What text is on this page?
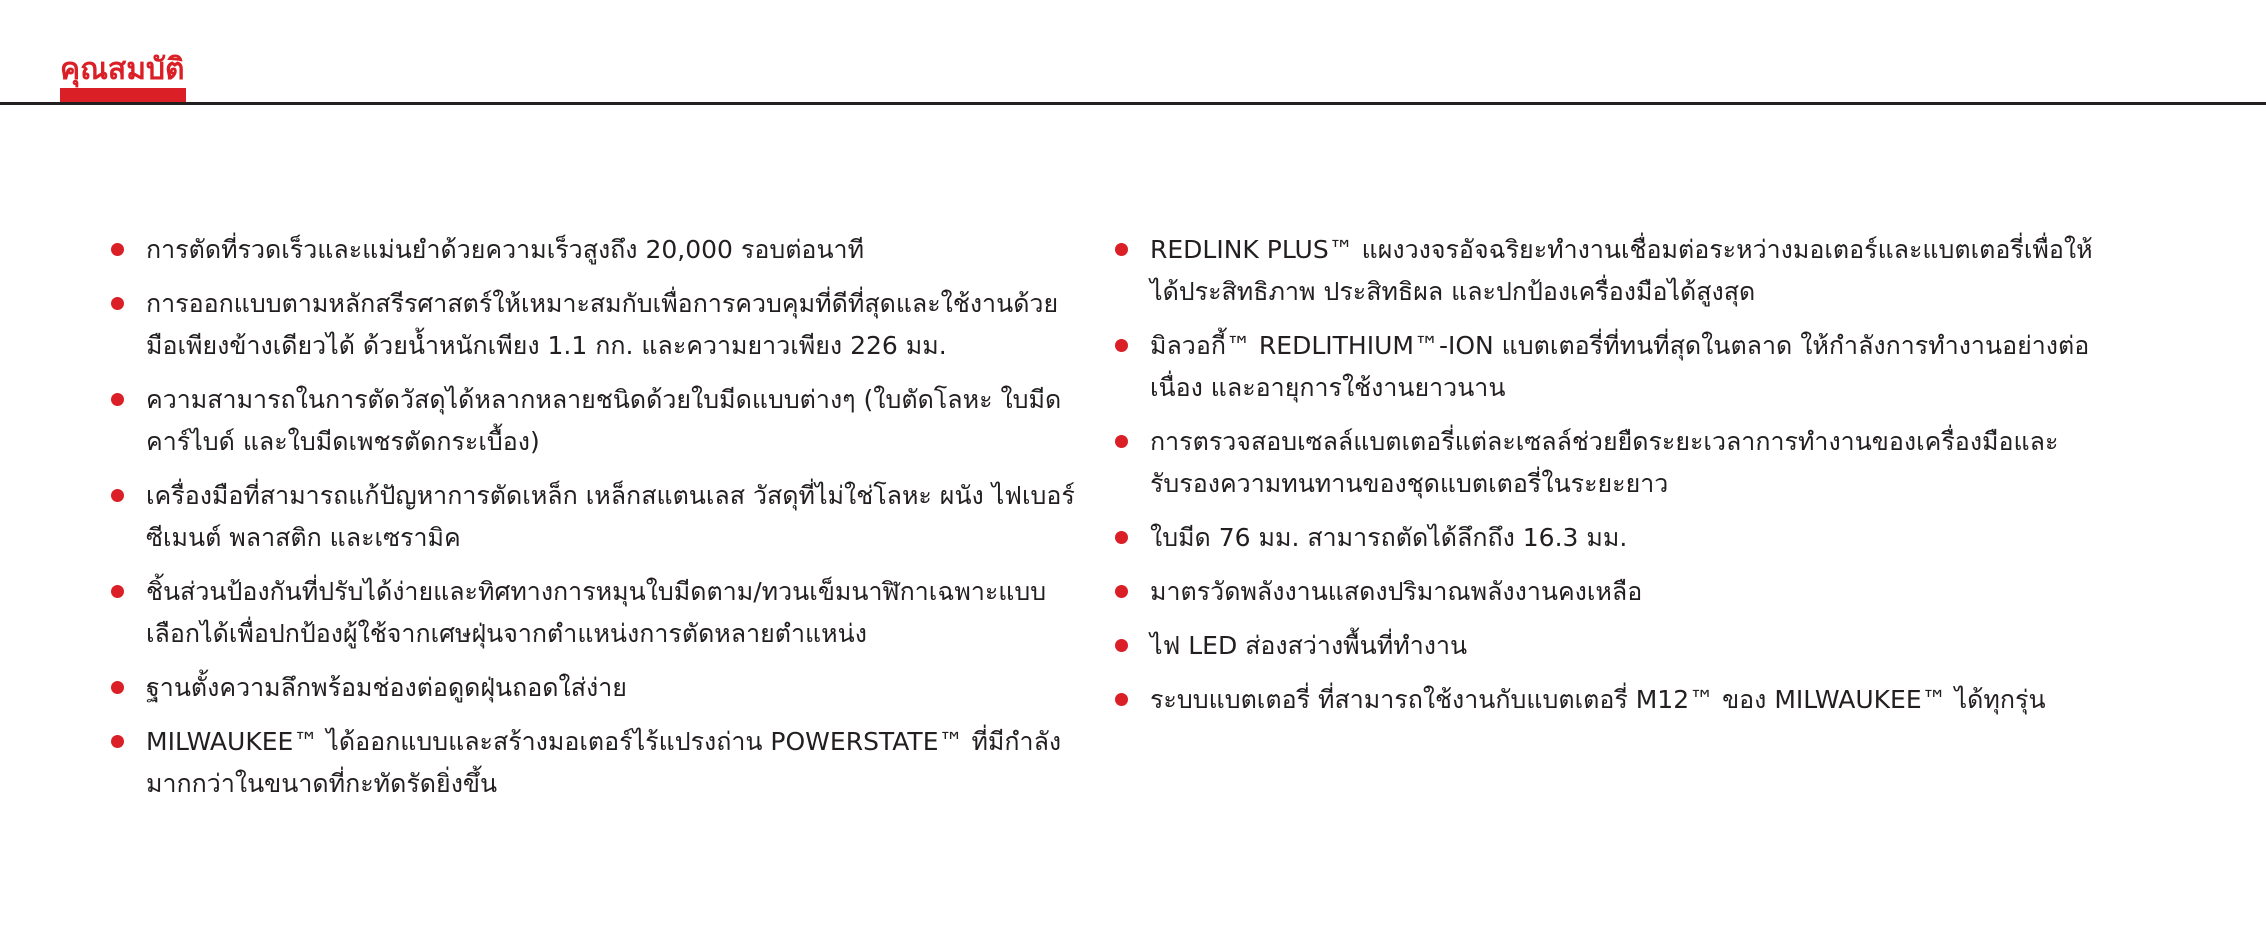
คุณสมบัติ
การตัดที่รวดเร็วและแม่นยำด้วยความเร็วสูงถึง 20,000 รอบต่อนาที
การออกแบบตามหลักสรีรศาสตร์ให้เหมาะสมกับเพื่อการควบคุมที่ดีที่สุดและใช้งานด้วยมือเพียงข้างเดียวได้ ด้วยน้ำหนักเพียง 1.1 กก. และความยาวเพียง 226 มม.
ความสามารถในการตัดวัสดุได้หลากหลายชนิดด้วยใบมีดแบบต่างๆ (ใบตัดโลหะ ใบมีดคาร์ไบด์ และใบมีดเพชรตัดกระเบื้อง)
เครื่องมือที่สามารถแก้ปัญหาการตัดเหล็ก เหล็กสแตนเลส วัสดุที่ไม่ใช่โลหะ ผนัง ไฟเบอร์ซีเมนต์ พลาสติก และเซรามิค
ชิ้นส่วนป้องกันที่ปรับได้ง่ายและทิศทางการหมุนใบมีดตาม/ทวนเข็มนาฬิกาเฉพาะแบบเลือกได้เพื่อปกป้องผู้ใช้จากเศษฝุ่นจากตำแหน่งการตัดหลายตำแหน่ง
ฐานตั้งความลึกพร้อมช่องต่อดูดฝุ่นถอดใส่ง่าย
MILWAUKEE™ ได้ออกแบบและสร้างมอเตอร์ไร้แปรงถ่าน POWERSTATE™ ที่มีกำลังมากกว่าในขนาดที่กะทัดรัดยิ่งขึ้น
REDLINK PLUS™ แผงวงจรอัจฉริยะทำงานเชื่อมต่อระหว่างมอเตอร์และแบตเตอรี่เพื่อให้ได้ประสิทธิภาพ ประสิทธิผล และปกป้องเครื่องมือได้สูงสุด
มิลวอกี้™ REDLITHIUM™-ION แบตเตอรี่ที่ทนที่สุดในตลาด ให้กำลังการทำงานอย่างต่อเนื่อง และอายุการใช้งานยาวนาน
การตรวจสอบเซลล์แบตเตอรี่แต่ละเซลล์ช่วยยืดระยะเวลาการทำงานของเครื่องมือและรับรองความทนทานของชุดแบตเตอรี่ในระยะยาว
ใบมีด 76 มม. สามารถตัดได้ลึกถึง 16.3 มม.
มาตรวัดพลังงานแสดงปริมาณพลังงานคงเหลือ
ไฟ LED ส่องสว่างพื้นที่ทำงาน
ระบบแบตเตอรี่ ที่สามารถใช้งานกับแบตเตอรี่ M12™ ของ MILWAUKEE™ ได้ทุกรุ่น
